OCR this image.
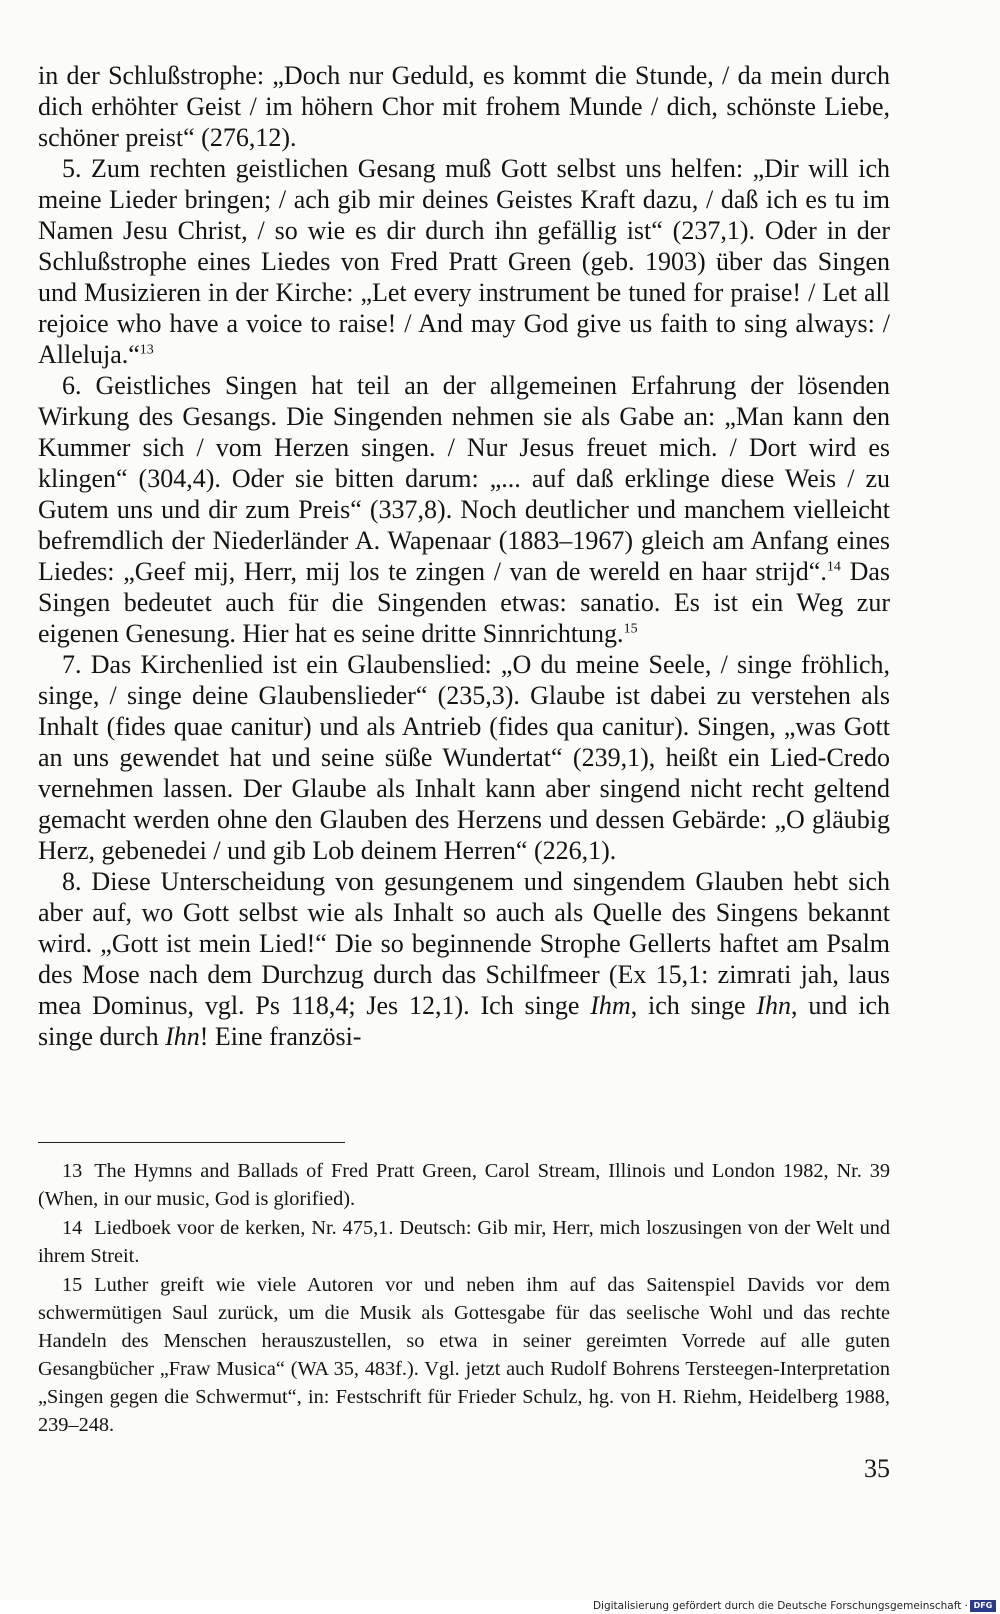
in der Schlußstrophe: „Doch nur Geduld, es kommt die Stunde, / da mein durch dich erhöhter Geist / im höhern Chor mit frohem Munde / dich, schönste Liebe, schöner preist“ (276,12).

5. Zum rechten geistlichen Gesang muß Gott selbst uns helfen: „Dir will ich meine Lieder bringen; / ach gib mir deines Geistes Kraft dazu, / daß ich es tu im Namen Jesu Christ, / so wie es dir durch ihn gefällig ist“ (237,1). Oder in der Schlußstrophe eines Liedes von Fred Pratt Green (geb. 1903) über das Singen und Musizieren in der Kirche: „Let every instrument be tuned for praise! / Let all rejoice who have a voice to raise! / And may God give us faith to sing always: / Alleluja.“$^{13}$

6. Geistliches Singen hat teil an der allgemeinen Erfahrung der lösenden Wirkung des Gesangs. Die Singenden nehmen sie als Gabe an: „Man kann den Kummer sich / vom Herzen singen. / Nur Jesus freuet mich. / Dort wird es klingen“ (304,4). Oder sie bitten darum: „... auf daß erklinge diese Weis / zu Gutem uns und dir zum Preis“ (337,8). Noch deutlicher und manchem vielleicht befremdlich der Niederländer A. Wapenaar (1883–1967) gleich am Anfang eines Liedes: „Geef mij, Herr, mij los te zingen / van de wereld en haar strijd“.$^{14}$ Das Singen bedeutet auch für die Singenden etwas: sanatio. Es ist ein Weg zur eigenen Genesung. Hier hat es seine dritte Sinnrichtung.$^{15}$

7. Das Kirchenlied ist ein Glaubenslied: „O du meine Seele, / singe fröhlich, singe, / singe deine Glaubenslieder“ (235,3). Glaube ist dabei zu verstehen als Inhalt (fides quae canitur) und als Antrieb (fides qua canitur). Singen, „was Gott an uns gewendet hat und seine süße Wundertat“ (239,1), heißt ein Lied-Credo vernehmen lassen. Der Glaube als Inhalt kann aber singend nicht recht geltend gemacht werden ohne den Glauben des Herzens und dessen Gebärde: „O gläubig Herz, gebenedei / und gib Lob deinem Herren“ (226,1).

8. Diese Unterscheidung von gesungenem und singendem Glauben hebt sich aber auf, wo Gott selbst wie als Inhalt so auch als Quelle des Singens bekannt wird. „Gott ist mein Lied!“ Die so beginnende Strophe Gellerts haftet am Psalm des Mose nach dem Durchzug durch das Schilfmeer (Ex 15,1: zimrati jah, laus mea Dominus, vgl. Ps 118,4; Jes 12,1). Ich singe Ihm, ich singe Ihn, und ich singe durch Ihn! Eine französi-

13 The Hymns and Ballads of Fred Pratt Green, Carol Stream, Illinois und London 1982, Nr. 39 (When, in our music, God is glorified).

14 Liedboek voor de kerken, Nr. 475,1. Deutsch: Gib mir, Herr, mich loszusingen von der Welt und ihrem Streit.

15 Luther greift wie viele Autoren vor und neben ihm auf das Saitenspiel Davids vor dem schwermütigen Saul zurück, um die Musik als Gottesgabe für das seelische Wohl und das rechte Handeln des Menschen herauszustellen, so etwa in seiner gereimten Vorrede auf alle guten Gesangbücher „Fraw Musica“ (WA 35, 483f.). Vgl. jetzt auch Rudolf Bohrens Tersteegen-Interpretation „Singen gegen die Schwermut“, in: Festschrift für Frieder Schulz, hg. von H. Riehm, Heidelberg 1988, 239–248.

35
Digitalisierung gefördert durch die Deutsche Forschungsgemeinschaft · DFG
